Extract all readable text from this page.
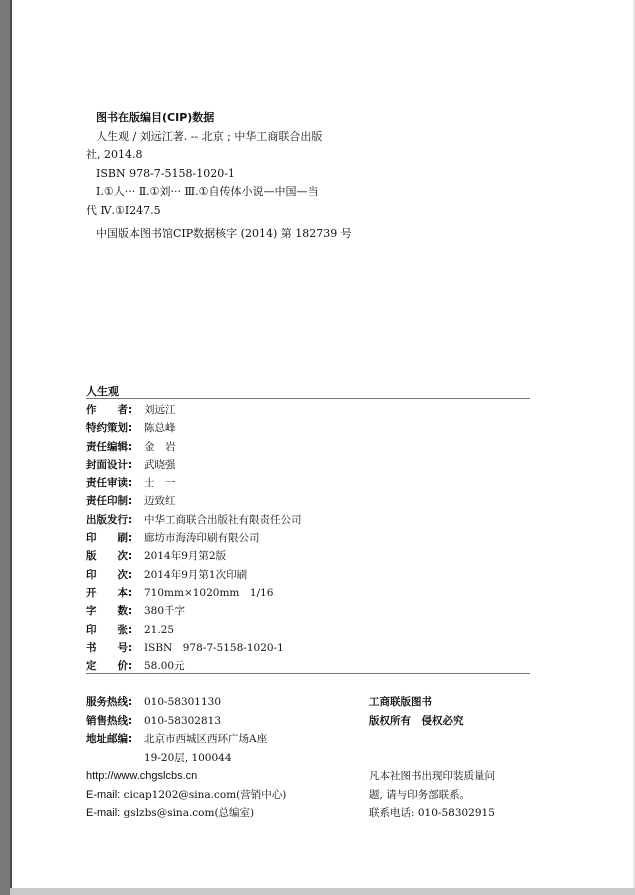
图书在版编目(CIP)数据
人生观 / 刘远江著. -- 北京 ; 中华工商联合出版
社, 2014.8
ISBN 978-7-5158-1020-1
Ⅰ.①人··· Ⅱ.①刘··· Ⅲ.①自传体小说—中国—当
代 Ⅳ.①I247.5
中国版本图书馆CIP数据核字 (2014) 第 182739 号
人生观
作　　者: 刘远江
特约策划: 陈总峰
责任编辑: 金　岩
封面设计: 武晓强
责任审读: 士　一
责任印制: 迈致红
出版发行: 中华工商联合出版社有限责任公司
印　　刷: 廊坊市海涛印刷有限公司
版　　次: 2014年9月第2版
印　　次: 2014年9月第1次印刷
开　　本: 710mm×1020mm　1/16
字　　数: 380千字
印　　张: 21.25
书　　号: ISBN　978-7-5158-1020-1
定　　价: 58.00元
服务热线: 010-58301130
销售热线: 010-58302813
地址邮编: 北京市西城区西环广场A座
19-20层, 100044
http://www.chgslcbs.cn
E-mail: cicap1202@sina.com(营销中心)
E-mail: gslzbs@sina.com(总编室)
工商联版图书
版权所有　侵权必究
凡本社图书出现印装质量问
题, 请与印务部联系。
联系电话: 010-58302915
